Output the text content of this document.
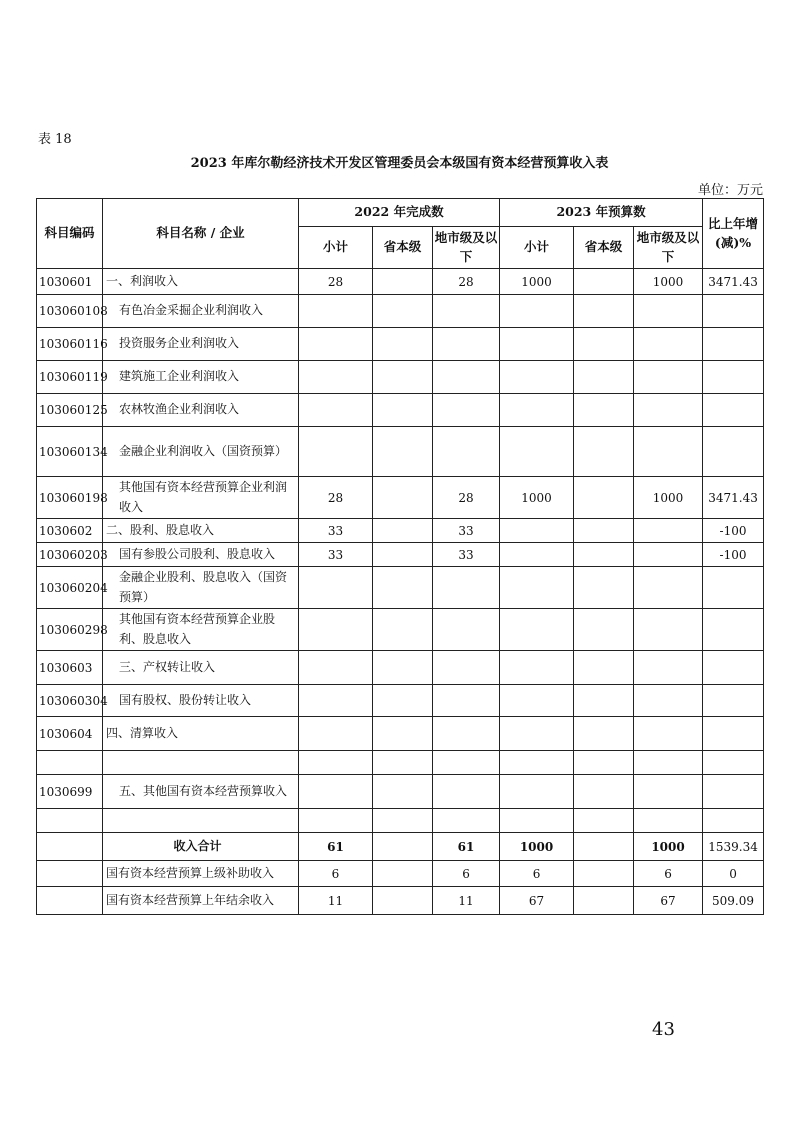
表 18
2023 年库尔勒经济技术开发区管理委员会本级国有资本经营预算收入表
单位：万元
科目编码	科目名称 / 企业	2022 年完成数			2023 年预算数			比上年增(减)%
		小计	省本级	地市级及以下	小计	省本级	地市级及以下	
1030601	一、利润收入	28		28	1000		1000	3471.43
103060108	有色冶金采掘企业利润收入							
103060116	投资服务企业利润收入							
103060119	建筑施工企业利润收入							
103060125	农林牧渔企业利润收入							
103060134	金融企业利润收入（国资预算）							
103060198	其他国有资本经营预算企业利润收入	28		28	1000		1000	3471.43
1030602	二、股利、股息收入	33		33				-100
103060203	国有参股公司股利、股息收入	33		33				-100
103060204	金融企业股利、股息收入（国资 预算）							
103060298	其他国有资本经营预算企业股利、股息收入							
1030603	三、产权转让收入							
103060304	国有股权、股份转让收入							
1030604	四、清算收入							

1030699	五、其他国有资本经营预算收入							

	收入合计	61		61	1000		1000	1539.34
	国有资本经营预算上级补助收入	6		6	6		6	0
	国有资本经营预算上年结余收入	11		11	67		67	509.09
43
